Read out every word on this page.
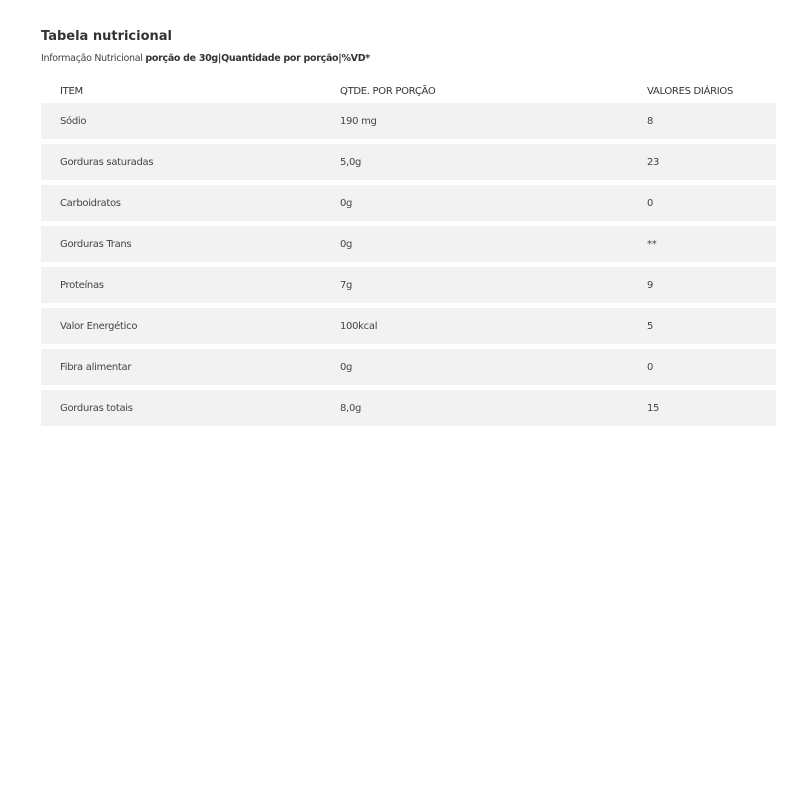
Tabela nutricional
Informação Nutricional porção de 30g|Quantidade por porção|%VD*
ITEM	QTDE. POR PORÇÃO	VALORES DIÁRIOS
Sódio	190 mg	8
Gorduras saturadas	5,0g	23
Carboidratos	0g	0
Gorduras Trans	0g	**
Proteínas	7g	9
Valor Energético	100kcal	5
Fibra alimentar	0g	0
Gorduras totais	8,0g	15
